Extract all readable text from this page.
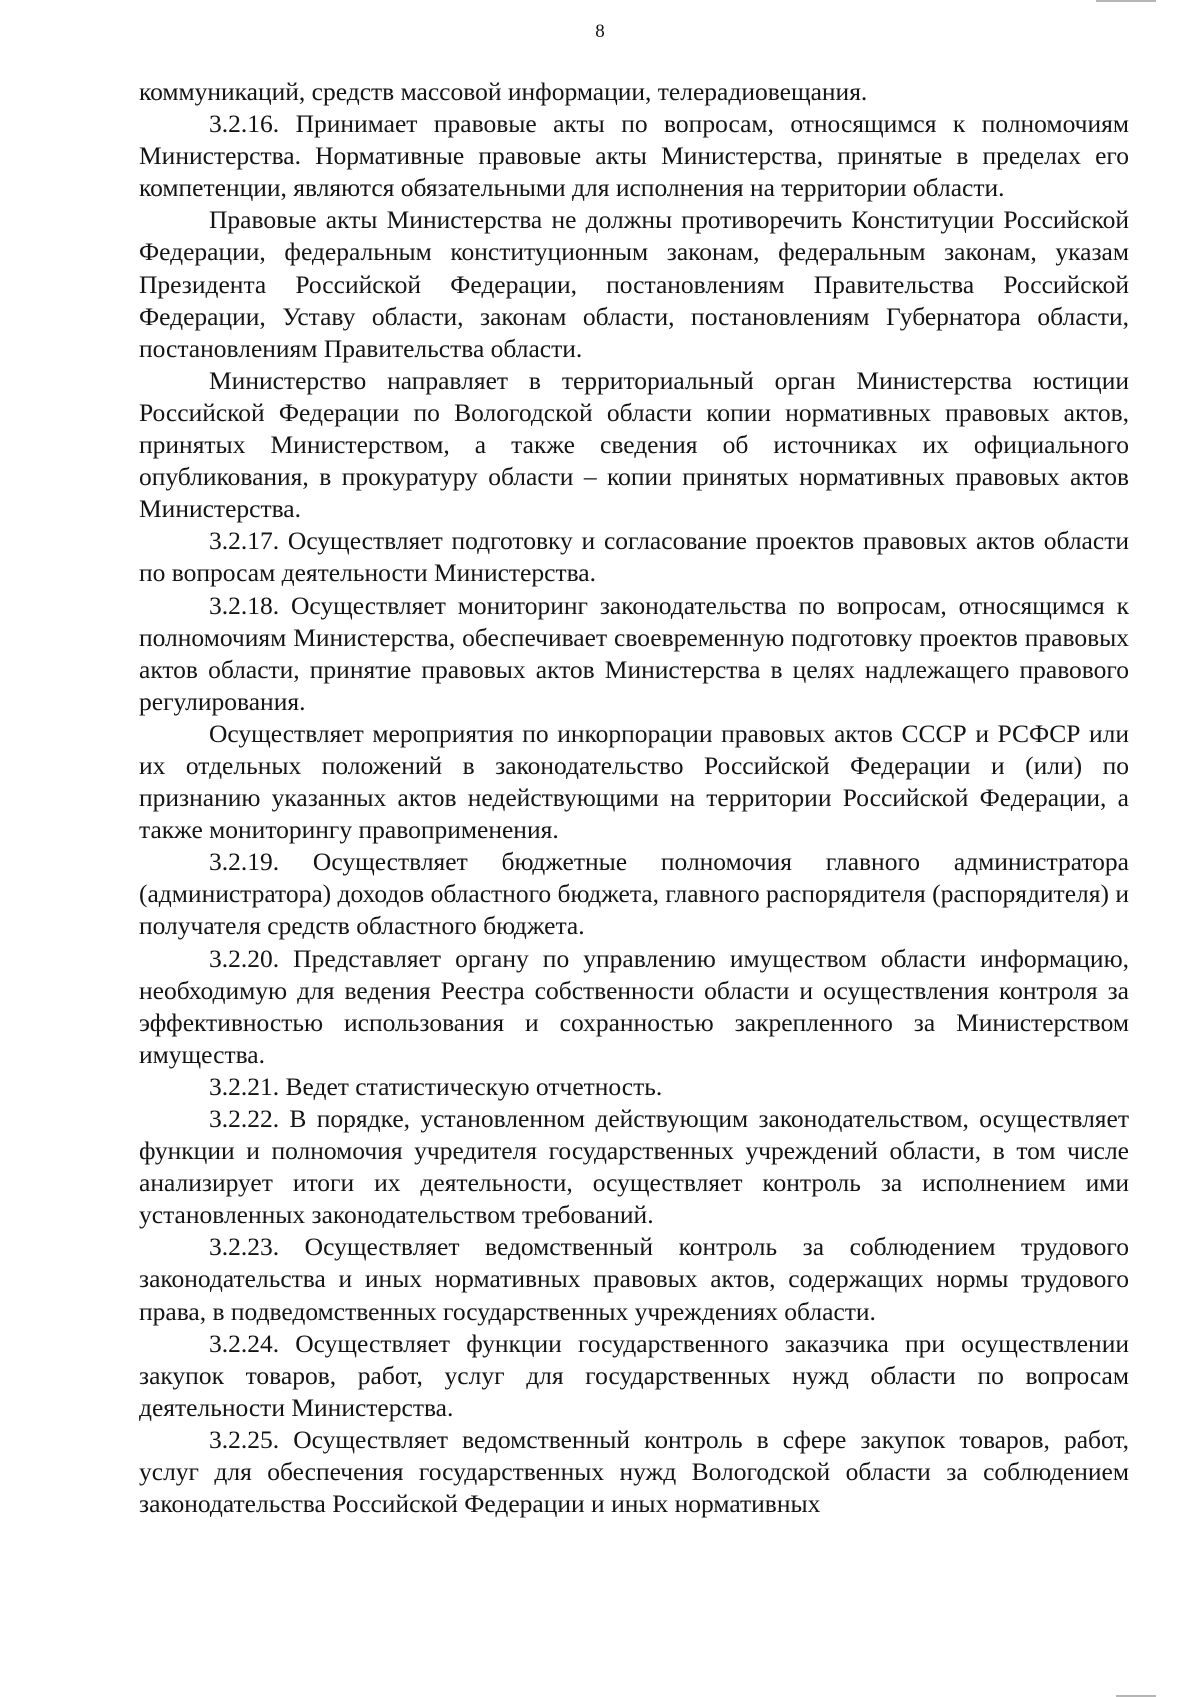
8

коммуникаций, средств массовой информации, телерадиовещания.

3.2.16. Принимает правовые акты по вопросам, относящимся к полномочиям Министерства. Нормативные правовые акты Министерства, принятые в пределах его компетенции, являются обязательными для исполнения на территории области.

Правовые акты Министерства не должны противоречить Конституции Российской Федерации, федеральным конституционным законам, федеральным законам, указам Президента Российской Федерации, постановлениям Правительства Российской Федерации, Уставу области, законам области, постановлениям Губернатора области, постановлениям Правительства области.

Министерство направляет в территориальный орган Министерства юстиции Российской Федерации по Вологодской области копии нормативных правовых актов, принятых Министерством, а также сведения об источниках их официального опубликования, в прокуратуру области – копии принятых нормативных правовых актов Министерства.

3.2.17. Осуществляет подготовку и согласование проектов правовых актов области по вопросам деятельности Министерства.

3.2.18. Осуществляет мониторинг законодательства по вопросам, относящимся к полномочиям Министерства, обеспечивает своевременную подготовку проектов правовых актов области, принятие правовых актов Министерства в целях надлежащего правового регулирования.

Осуществляет мероприятия по инкорпорации правовых актов СССР и РСФСР или их отдельных положений в законодательство Российской Федерации и (или) по признанию указанных актов недействующими на территории Российской Федерации, а также мониторингу правоприменения.

3.2.19. Осуществляет бюджетные полномочия главного администратора (администратора) доходов областного бюджета, главного распорядителя (распорядителя) и получателя средств областного бюджета.

3.2.20. Представляет органу по управлению имуществом области информацию, необходимую для ведения Реестра собственности области и осуществления контроля за эффективностью использования и сохранностью закрепленного за Министерством имущества.

3.2.21. Ведет статистическую отчетность.

3.2.22. В порядке, установленном действующим законодательством, осуществляет функции и полномочия учредителя государственных учреждений области, в том числе анализирует итоги их деятельности, осуществляет контроль за исполнением ими установленных законодательством требований.

3.2.23. Осуществляет ведомственный контроль за соблюдением трудового законодательства и иных нормативных правовых актов, содержащих нормы трудового права, в подведомственных государственных учреждениях области.

3.2.24. Осуществляет функции государственного заказчика при осуществлении закупок товаров, работ, услуг для государственных нужд области по вопросам деятельности Министерства.

3.2.25. Осуществляет ведомственный контроль в сфере закупок товаров, работ, услуг для обеспечения государственных нужд Вологодской области за соблюдением законодательства Российской Федерации и иных нормативных
